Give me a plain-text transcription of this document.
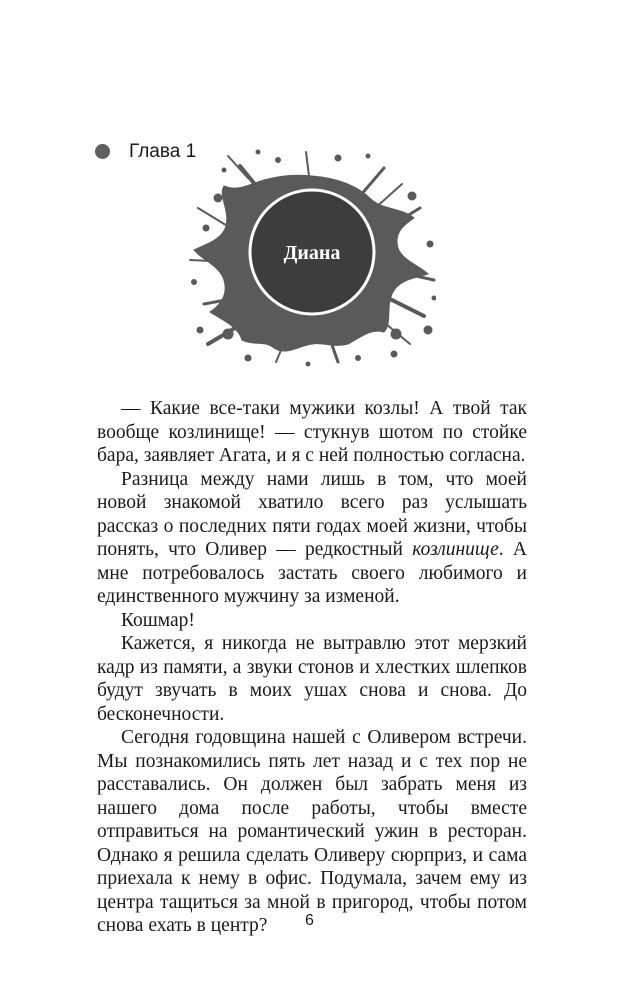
Глава 1
Диана

— Какие все-таки мужики козлы! А твой так вообще козлинище! — стукнув шотом по стойке бара, заявляет Агата, и я с ней полностью согласна.

Разница между нами лишь в том, что моей новой знакомой хватило всего раз услышать рассказ о последних пяти годах моей жизни, чтобы понять, что Оливер — редкостный козлинище. А мне потребовалось застать своего любимого и единственного мужчину за изменой.

Кошмар!

Кажется, я никогда не вытравлю этот мерзкий кадр из памяти, а звуки стонов и хлестких шлепков будут звучать в моих ушах снова и снова. До бесконечности.

Сегодня годовщина нашей с Оливером встречи. Мы познакомились пять лет назад и с тех пор не расставались. Он должен был забрать меня из нашего дома после работы, чтобы вместе отправиться на романтический ужин в ресторан. Однако я решила сделать Оливеру сюрприз, и сама приехала к нему в офис. Подумала, зачем ему из центра тащиться за мной в пригород, чтобы потом снова ехать в центр?	6
